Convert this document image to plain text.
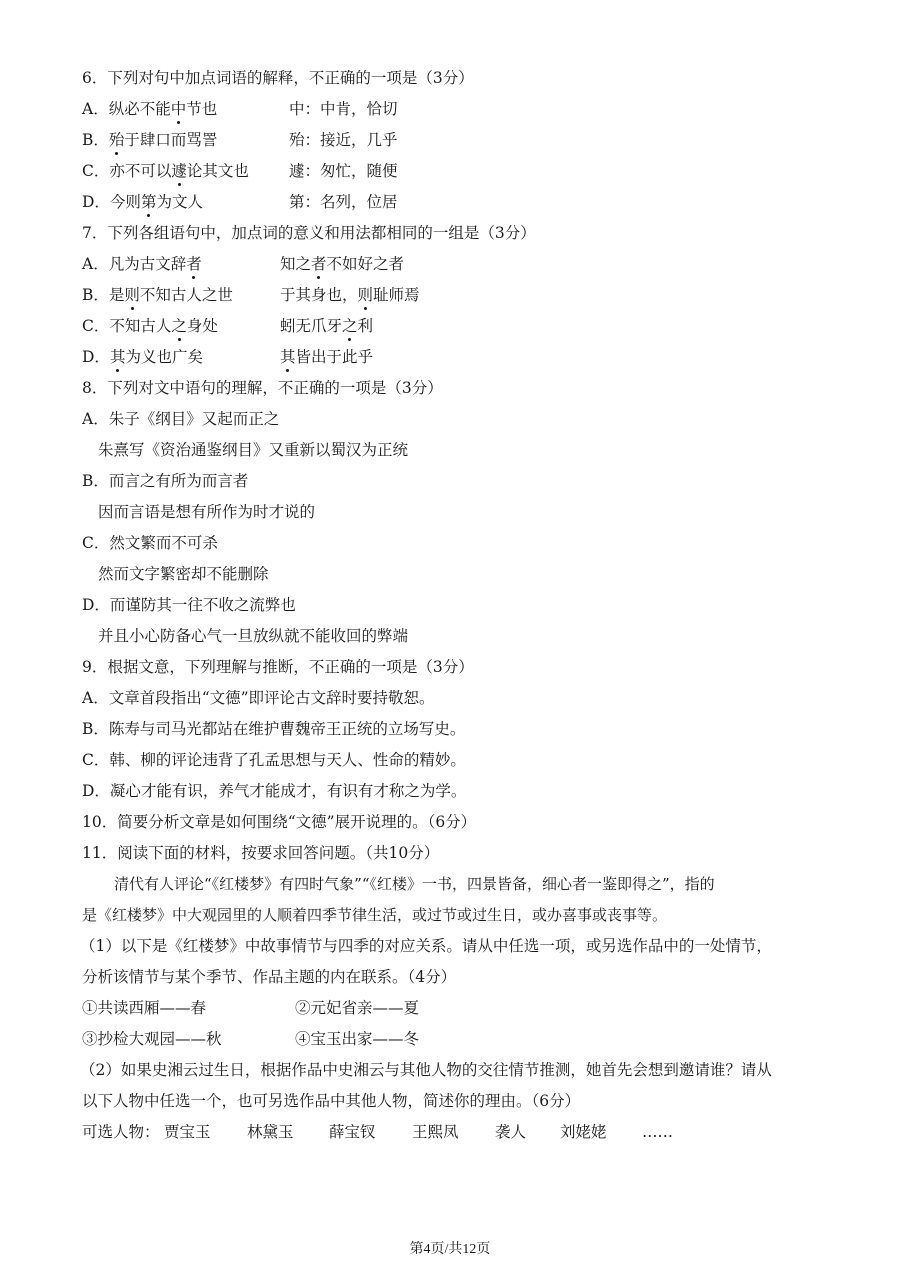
6．下列对句中加点词语的解释，不正确的一项是（3分）
A．纵必不能中节也	中：中肯，恰切
B．殆于肆口而骂詈	殆：接近，几乎
C．亦不可以遽论其文也	遽：匆忙，随便
D．今则第为文人	第：名列，位居
7．下列各组语句中，加点词的意义和用法都相同的一组是（3分）
A．凡为古文辞者	知之者不如好之者
B．是则不知古人之世	于其身也，则耻师焉
C．不知古人之身处	蚓无爪牙之利
D．其为义也广矣	其皆出于此乎
8．下列对文中语句的理解，不正确的一项是（3分）
A．朱子《纲目》又起而正之
朱熹写《资治通鉴纲目》又重新以蜀汉为正统
B．而言之有所为而言者
因而言语是想有所作为时才说的
C．然文繁而不可杀
然而文字繁密却不能删除
D．而谨防其一往不收之流弊也
并且小心防备心气一旦放纵就不能收回的弊端
9．根据文意，下列理解与推断，不正确的一项是（3分）
A．文章首段指出“文德”即评论古文辞时要持敬恕。
B．陈寿与司马光都站在维护曹魏帝王正统的立场写史。
C．韩、柳的评论违背了孔孟思想与天人、性命的精妙。
D．凝心才能有识，养气才能成才，有识有才称之为学。
10．简要分析文章是如何围绕“文德”展开说理的。（6分）
11．阅读下面的材料，按要求回答问题。（共10分）
清代有人评论“《红楼梦》有四时气象”“《红楼》一书，四景皆备，细心者一鉴即得之”，指的
是《红楼梦》中大观园里的人顺着四季节律生活，或过节或过生日，或办喜事或丧事等。
（1）以下是《红楼梦》中故事情节与四季的对应关系。请从中任选一项，或另选作品中的一处情节，
分析该情节与某个季节、作品主题的内在联系。（4分）
①共读西厢——春	②元妃省亲——夏
③抄检大观园——秋	④宝玉出家——冬
（2）如果史湘云过生日，根据作品中史湘云与其他人物的交往情节推测，她首先会想到邀请谁？请从
以下人物中任选一个，也可另选作品中其他人物，简述你的理由。（6分）
可选人物： 贾宝玉 林黛玉 薛宝钗 王熙凤 袭人 刘姥姥 ……
第4页/共12页
